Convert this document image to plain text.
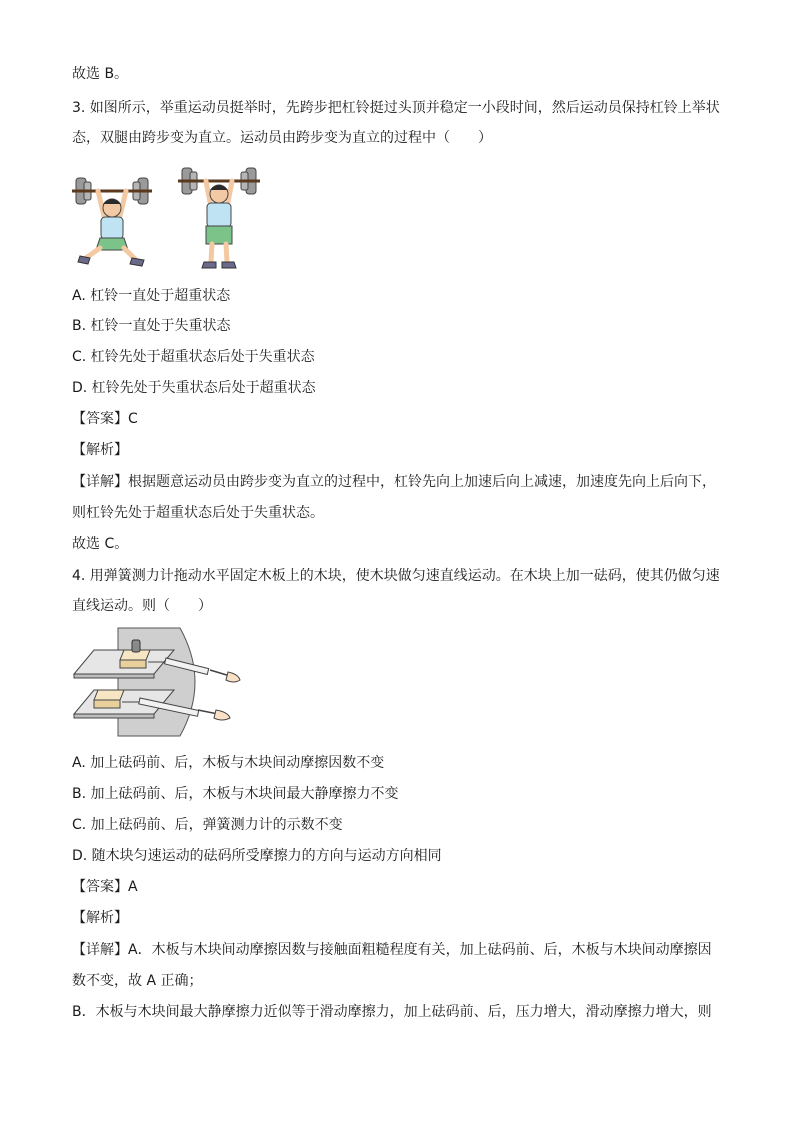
故选 B。
3. 如图所示，举重运动员挺举时，先跨步把杠铃挺过头顶并稳定一小段时间，然后运动员保持杠铃上举状
态，双腿由跨步变为直立。运动员由跨步变为直立的过程中（　　）
A. 杠铃一直处于超重状态
B. 杠铃一直处于失重状态
C. 杠铃先处于超重状态后处于失重状态
D. 杠铃先处于失重状态后处于超重状态
【答案】C
【解析】
【详解】根据题意运动员由跨步变为直立的过程中，杠铃先向上加速后向上减速，加速度先向上后向下，
则杠铃先处于超重状态后处于失重状态。
故选 C。
4. 用弹簧测力计拖动水平固定木板上的木块，使木块做匀速直线运动。在木块上加一砝码，使其仍做匀速
直线运动。则（　　）
A. 加上砝码前、后，木板与木块间动摩擦因数不变
B. 加上砝码前、后，木板与木块间最大静摩擦力不变
C. 加上砝码前、后，弹簧测力计的示数不变
D. 随木块匀速运动的砝码所受摩擦力的方向与运动方向相同
【答案】A
【解析】
【详解】A．木板与木块间动摩擦因数与接触面粗糙程度有关，加上砝码前、后，木板与木块间动摩擦因
数不变，故 A 正确；
B．木板与木块间最大静摩擦力近似等于滑动摩擦力，加上砝码前、后，压力增大，滑动摩擦力增大，则
